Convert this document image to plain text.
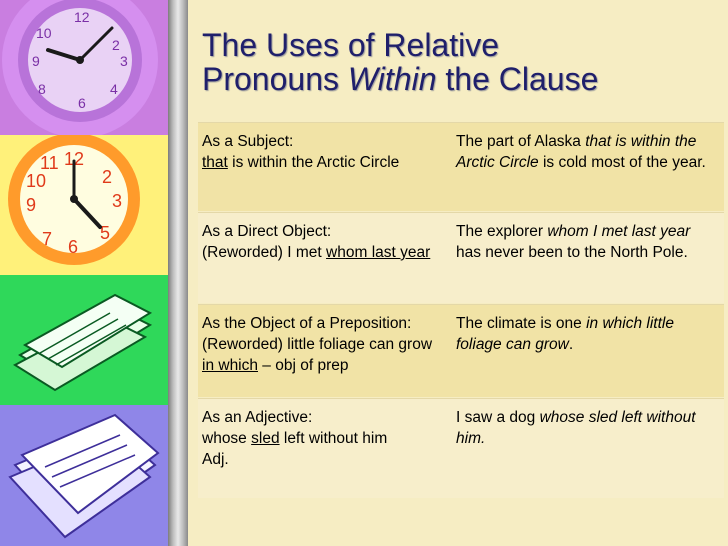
12
2
3
4
6
8
9
10
12
2
3
5
6
7
9
10
11
The Uses of Relative
Pronouns Within the Clause
As a Subject:
that is within the Arctic Circle
The part of Alaska that is within the Arctic Circle is cold most of the year.
As a Direct Object:
(Reworded) I met whom last year
The explorer whom I met last year has never been to the North Pole.
As the Object of a Preposition:
(Reworded) little foliage can grow in which – obj of prep
The climate is one in which little foliage can grow.
As an Adjective:
whose sled left without him
Adj.
I saw a dog whose sled left without him.
